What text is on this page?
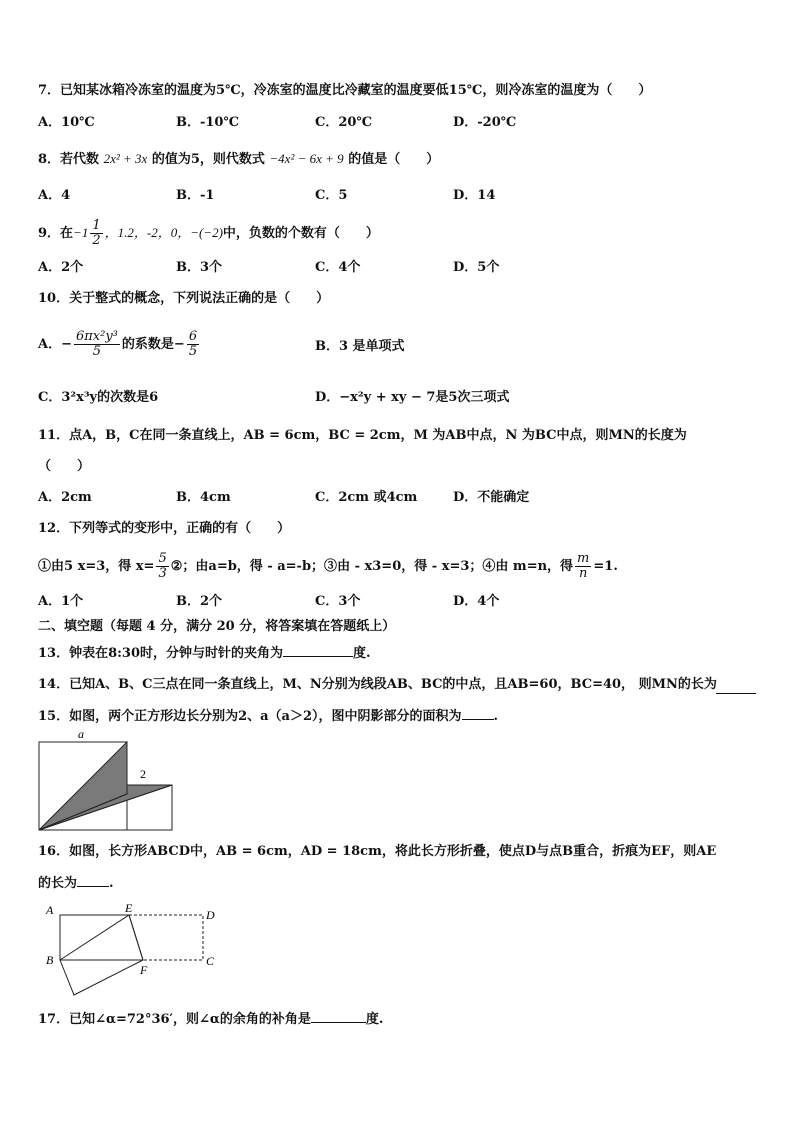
7．已知某冰箱冷冻室的温度为5℃，冷冻室的温度比冷藏室的温度要低15℃，则冷冻室的温度为（　　）
A．10℃	B．-10℃	C．20℃	D．-20℃
8．若代数 2x² + 3x 的值为5，则代数式 −4x² − 6x + 9 的值是（　　）
A．4	B．-1	C．5	D．14
9．在$-1 \frac{1}{2}$ ，1.2，-2，0，−(−2)中，负数的个数有（　　）
A．2个	B．3个	C．4个	D．5个
10．关于整式的概念，下列说法正确的是（　　）
A．− $\frac{\text{6πx²y³}}{5}$ 的系数是− $\frac{6}{5}$	B．3 是单项式
C．3²x³y的次数是6	D．−x²y + xy − 7是5次三项式
11．点A，B，C在同一条直线上，AB = 6cm，BC = 2cm，M 为AB中点，N 为BC中点，则MN的长度为
（　　）
A．2cm	B．4cm	C．2cm 或4cm	D．不能确定
12．下列等式的变形中，正确的有（　　）
①由5 x=3，得 $x= \frac{5}{3}$ ②；由a=b，得 - a=-b；③由 - x3=0，得 - x=3；④由 m=n，得 $\frac{m}{n} =1$.
A．1个	B．2个	C．3个	D．4个
二、填空题（每题 4 分，满分 20 分，将答案填在答题纸上）
13．钟表在8:30时，分钟与时针的夹角为	度.
14．已知A、B、C三点在同一条直线上，M、N分别为线段AB、BC的中点，且AB=60，BC=40， 则MN的长为
15．如图，两个正方形边长分别为2、a（a＞2），图中阴影部分的面积为 .
a
2
16．如图，长方形ABCD中，AB = 6cm，AD = 18cm，将此长方形折叠，使点D与点B重合，折痕为EF，则AE
的长为 .
A	E	D
B
F
C
17．已知∠α=72°36′，则∠α的余角的补角是	度.
